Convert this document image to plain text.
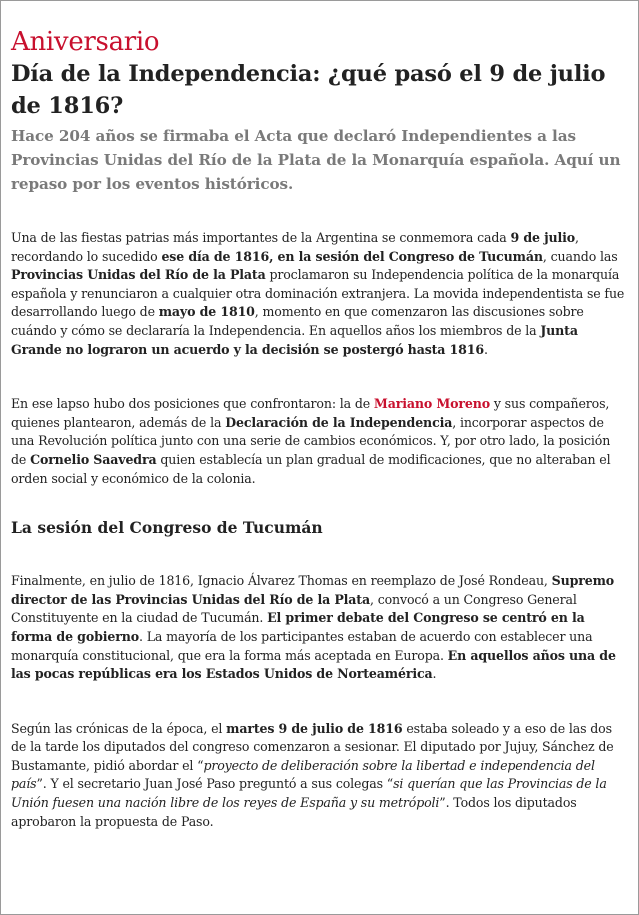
Aniversario
Día de la Independencia: ¿qué pasó el 9 de julio de 1816?
Hace 204 años se firmaba el Acta que declaró Independientes a las Provincias Unidas del Río de la Plata de la Monarquía española. Aquí un repaso por los eventos históricos.

Una de las fiestas patrias más importantes de la Argentina se conmemora cada 9 de julio, recordando lo sucedido ese día de 1816, en la sesión del Congreso de Tucumán, cuando las Provincias Unidas del Río de la Plata proclamaron su Independencia política de la monarquía española y renunciaron a cualquier otra dominación extranjera. La movida independentista se fue desarrollando luego de mayo de 1810, momento en que comenzaron las discusiones sobre cuándo y cómo se declararía la Independencia. En aquellos años los miembros de la Junta Grande no lograron un acuerdo y la decisión se postergó hasta 1816.

En ese lapso hubo dos posiciones que confrontaron: la de Mariano Moreno y sus compañeros, quienes plantearon, además de la Declaración de la Independencia, incorporar aspectos de una Revolución política junto con una serie de cambios económicos. Y, por otro lado, la posición de Cornelio Saavedra quien establecía un plan gradual de modificaciones, que no alteraban el orden social y económico de la colonia.

La sesión del Congreso de Tucumán

Finalmente, en julio de 1816, Ignacio Álvarez Thomas en reemplazo de José Rondeau, Supremo director de las Provincias Unidas del Río de la Plata, convocó a un Congreso General Constituyente en la ciudad de Tucumán. El primer debate del Congreso se centró en la forma de gobierno. La mayoría de los participantes estaban de acuerdo con establecer una monarquía constitucional, que era la forma más aceptada en Europa. En aquellos años una de las pocas repúblicas era los Estados Unidos de Norteamérica.

Según las crónicas de la época, el martes 9 de julio de 1816 estaba soleado y a eso de las dos de la tarde los diputados del congreso comenzaron a sesionar. El diputado por Jujuy, Sánchez de Bustamante, pidió abordar el “proyecto de deliberación sobre la libertad e independencia del país”. Y el secretario Juan José Paso preguntó a sus colegas “si querían que las Provincias de la Unión fuesen una nación libre de los reyes de España y su metrópoli”. Todos los diputados aprobaron la propuesta de Paso.
